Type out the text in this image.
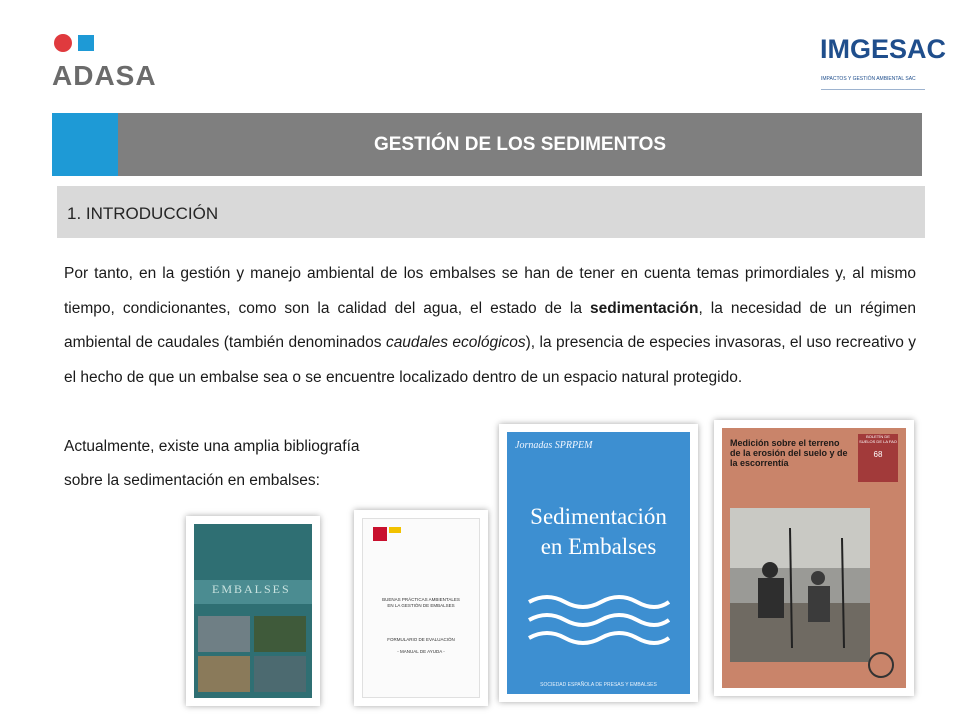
ADASA
IMGESAC
IMPACTOS Y GESTIÓN AMBIENTAL SAC
GESTIÓN DE LOS SEDIMENTOS
1. INTRODUCCIÓN
Por tanto, en la gestión y manejo ambiental de los embalses se han de tener en cuenta temas primordiales y, al mismo tiempo, condicionantes, como son la calidad del agua, el estado de la sedimentación, la necesidad de un régimen ambiental de caudales (también denominados caudales ecológicos), la presencia de especies invasoras, el uso recreativo y el hecho de que un embalse sea o se encuentre localizado dentro de un espacio natural protegido.
Actualmente, existe una amplia bibliografía
sobre la sedimentación en embalses:
EMBALSES
BUENAS PRÁCTICAS AMBIENTALES
EN LA GESTIÓN DE EMBALSES
FORMULARIO DE EVALUACIÓN
- MANUAL DE AYUDA -
Jornadas SPRPEM
Sedimentación
en Embalses
SOCIEDAD ESPAÑOLA DE PRESAS Y EMBALSES
Medición sobre el terreno de la erosión del suelo y de la escorrentía
BOLETÍN DE SUELOS DE LA FAO
68
